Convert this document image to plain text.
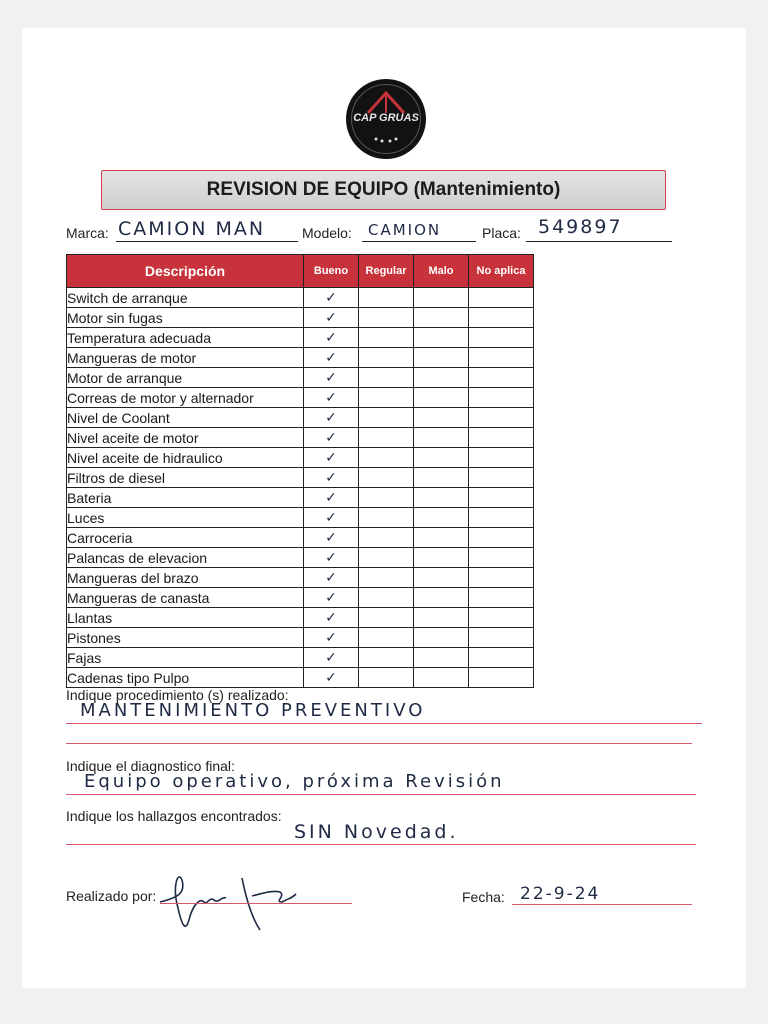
CAP GRUAS
REVISION DE EQUIPO (Mantenimiento)
Marca: CAMION MAN	Modelo: CAMION	Placa: 549897
Descripción	Bueno	Regular	Malo	No aplica
Switch de arranque	✓			
Motor sin fugas	✓			
Temperatura adecuada	✓			
Mangueras de motor	✓			
Motor de arranque	✓			
Correas de motor y alternador	✓			
Nivel de Coolant	✓			
Nivel aceite de motor	✓			
Nivel aceite de hidraulico	✓			
Filtros de diesel	✓			
Bateria	✓			
Luces	✓			
Carroceria	✓			
Palancas de elevacion	✓			
Mangueras del brazo	✓			
Mangueras de canasta	✓			
Llantas	✓			
Pistones	✓			
Fajas	✓			
Cadenas tipo Pulpo	✓			
Indique procedimiento (s) realizado:
MANTENIMIENTO PREVENTIVO
Indique el diagnostico final:
Equipo operativo, próxima Revisión
Indique los hallazgos encontrados:
SIN Novedad.
Realizado por:	Fecha: 22-9-24
